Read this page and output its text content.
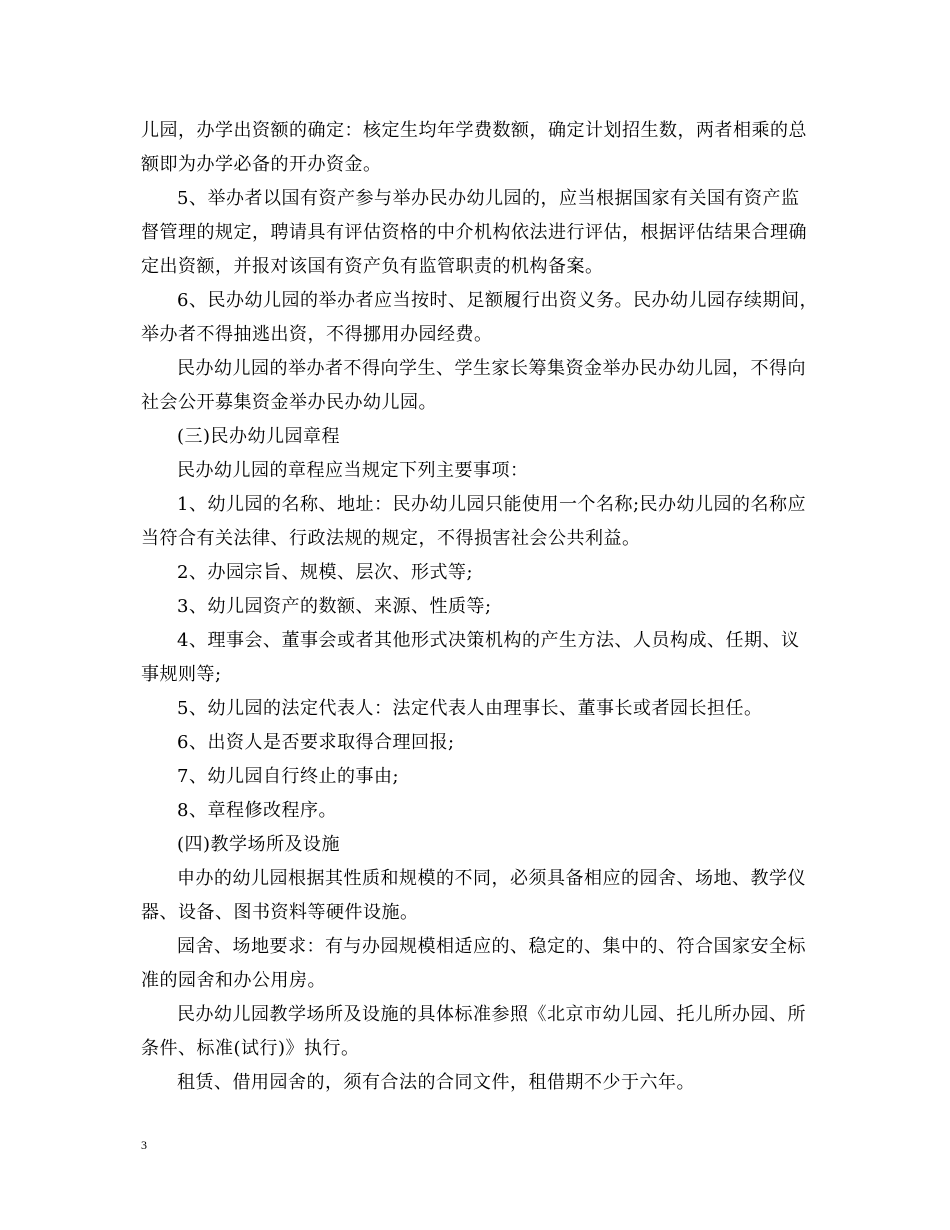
儿园，办学出资额的确定：核定生均年学费数额，确定计划招生数，两者相乘的总
额即为办学必备的开办资金。
5、举办者以国有资产参与举办民办幼儿园的，应当根据国家有关国有资产监
督管理的规定，聘请具有评估资格的中介机构依法进行评估，根据评估结果合理确
定出资额，并报对该国有资产负有监管职责的机构备案。
6、民办幼儿园的举办者应当按时、足额履行出资义务。民办幼儿园存续期间，
举办者不得抽逃出资，不得挪用办园经费。
民办幼儿园的举办者不得向学生、学生家长筹集资金举办民办幼儿园，不得向
社会公开募集资金举办民办幼儿园。
(三)民办幼儿园章程
民办幼儿园的章程应当规定下列主要事项：
1、幼儿园的名称、地址：民办幼儿园只能使用一个名称;民办幼儿园的名称应
当符合有关法律、行政法规的规定，不得损害社会公共利益。
2、办园宗旨、规模、层次、形式等;
3、幼儿园资产的数额、来源、性质等;
4、理事会、董事会或者其他形式决策机构的产生方法、人员构成、任期、议
事规则等;
5、幼儿园的法定代表人：法定代表人由理事长、董事长或者园长担任。
6、出资人是否要求取得合理回报;
7、幼儿园自行终止的事由;
8、章程修改程序。
(四)教学场所及设施
申办的幼儿园根据其性质和规模的不同，必须具备相应的园舍、场地、教学仪
器、设备、图书资料等硬件设施。
园舍、场地要求：有与办园规模相适应的、稳定的、集中的、符合国家安全标
准的园舍和办公用房。
民办幼儿园教学场所及设施的具体标准参照《北京市幼儿园、托儿所办园、所
条件、标准(试行)》执行。
租赁、借用园舍的，须有合法的合同文件，租借期不少于六年。
3
